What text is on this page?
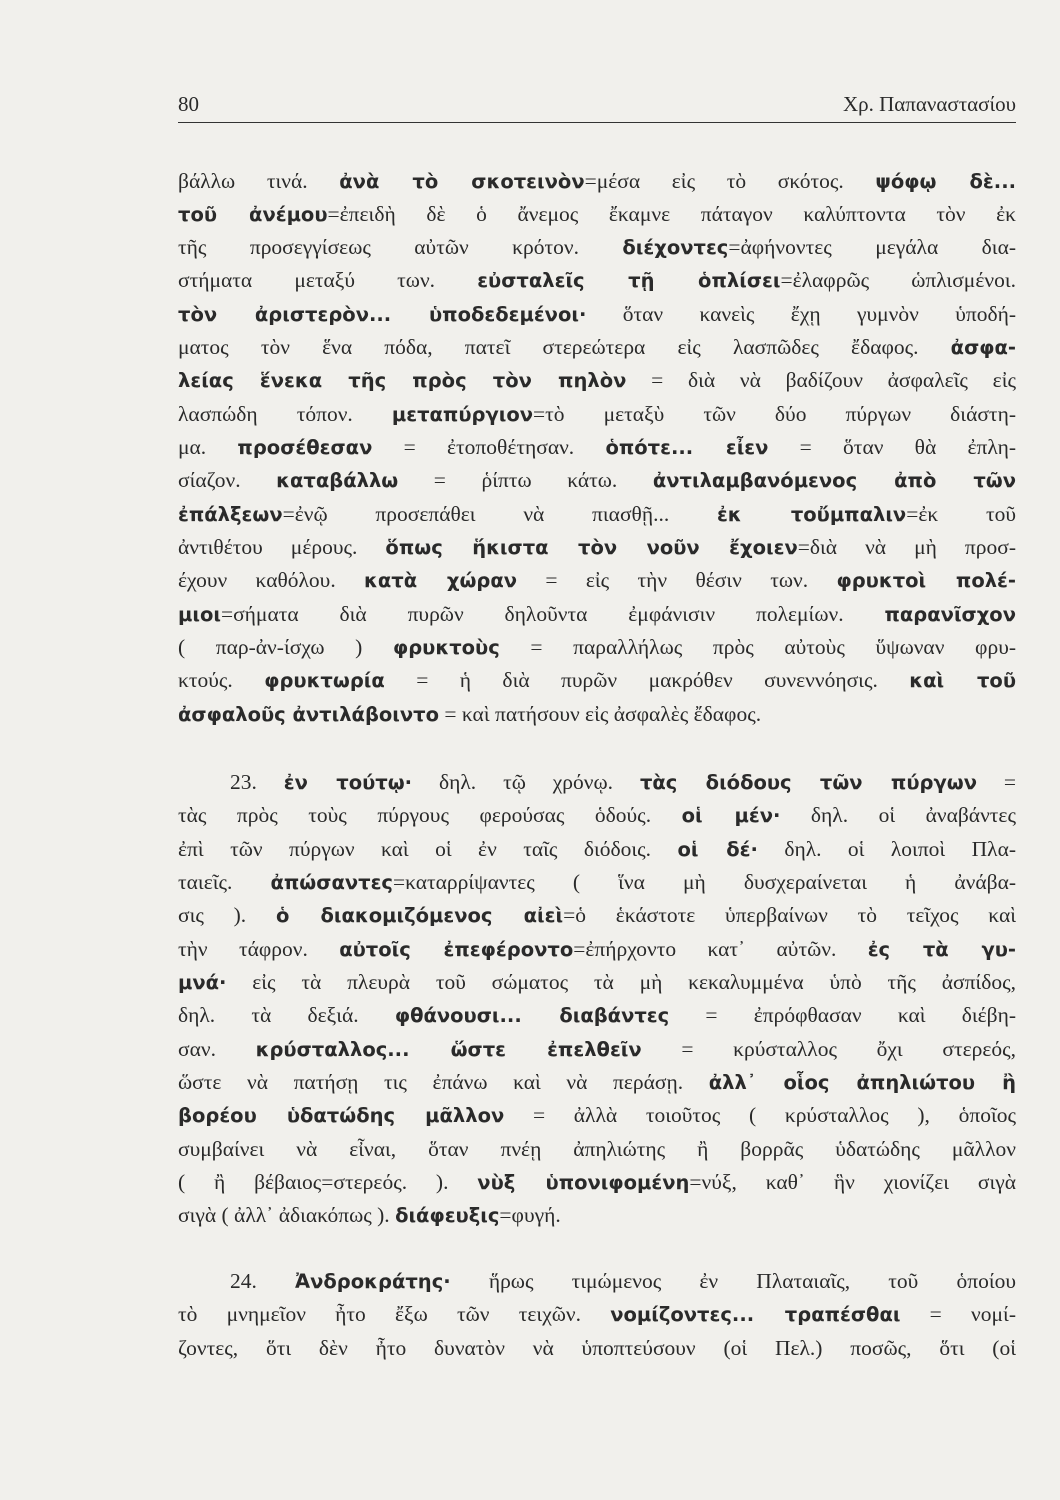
80	Χρ. Παπαναστασίου
βάλλω τινά. ἀνὰ τὸ σκοτεινὸν=μέσα εἰς τὸ σκότος. ψόφῳ δὲ...
τοῦ ἀνέμου=ἐπειδὴ δὲ ὁ ἄνεμος ἔκαμνε πάταγον καλύπτοντα τὸν ἐκ
τῆς προσεγγίσεως αὐτῶν κρότον. διέχοντες=ἀφήνοντες μεγάλα δια-
στήματα μεταξύ των. εὐσταλεῖς τῇ ὁπλίσει=ἐλαφρῶς ὡπλισμένοι.
τὸν ἀριστερὸν... ὑποδεδεμένοι· ὅταν κανεὶς ἔχῃ γυμνὸν ὑποδή-
ματος τὸν ἕνα πόδα, πατεῖ στερεώτερα εἰς λασπῶδες ἔδαφος. ἀσφα-
λείας ἕνεκα τῆς πρὸς τὸν πηλὸν = διὰ νὰ βαδίζουν ἀσφαλεῖς εἰς
λασπώδη τόπον. μεταπύργιον=τὸ μεταξὺ τῶν δύο πύργων διάστη-
μα. προσέθεσαν = ἐτοποθέτησαν. ὁπότε... εἶεν = ὅταν θὰ ἐπλη-
σίαζον. καταβάλλω = ῥίπτω κάτω. ἀντιλαμβανόμενος ἀπὸ τῶν
ἐπάλξεων=ἐνῷ προσεπάθει νὰ πιασθῇ... ἐκ τοὔμπαλιν=ἐκ τοῦ
ἀντιθέτου μέρους. ὅπως ἥκιστα τὸν νοῦν ἔχοιεν=διὰ νὰ μὴ προσ-
έχουν καθόλου. κατὰ χώραν = εἰς τὴν θέσιν των. φρυκτοὶ πολέ-
μιοι=σήματα διὰ πυρῶν δηλοῦντα ἐμφάνισιν πολεμίων. παρανῖσχον
( παρ-ἀν-ίσχω ) φρυκτοὺς = παραλλήλως πρὸς αὐτοὺς ὕψωναν φρυ-
κτούς. φρυκτωρία = ἡ διὰ πυρῶν μακρόθεν συνεννόησις. καὶ τοῦ
ἀσφαλοῦς ἀντιλάβοιντο = καὶ πατήσουν εἰς ἀσφαλὲς ἔδαφος.
23. ἐν τούτῳ· δηλ. τῷ χρόνῳ. τὰς διόδους τῶν πύργων =
τὰς πρὸς τοὺς πύργους φερούσας ὁδούς. οἱ μέν· δηλ. οἱ ἀναβάντες
ἐπὶ τῶν πύργων καὶ οἱ ἐν ταῖς διόδοις. οἱ δέ· δηλ. οἱ λοιποὶ Πλα-
ταιεῖς. ἀπώσαντες=καταρρίψαντες ( ἵνα μὴ δυσχεραίνεται ἡ ἀνάβα-
σις ). ὁ διακομιζόμενος αἰεὶ=ὁ ἑκάστοτε ὑπερβαίνων τὸ τεῖχος καὶ
τὴν τάφρον. αὐτοῖς ἐπεφέροντο=ἐπήρχοντο κατ᾽ αὐτῶν. ἐς τὰ γυ-
μνά· εἰς τὰ πλευρὰ τοῦ σώματος τὰ μὴ κεκαλυμμένα ὑπὸ τῆς ἀσπίδος,
δηλ. τὰ δεξιά. φθάνουσι... διαβάντες = ἐπρόφθασαν καὶ διέβη-
σαν. κρύσταλλος... ὥστε ἐπελθεῖν = κρύσταλλος ὄχι στερεός,
ὥστε νὰ πατήσῃ τις ἐπάνω καὶ νὰ περάσῃ. ἀλλ᾽ οἷος ἀπηλιώτου ἢ
βορέου ὑδατώδης μᾶλλον = ἀλλὰ τοιοῦτος ( κρύσταλλος ), ὁποῖος
συμβαίνει νὰ εἶναι, ὅταν πνέῃ ἀπηλιώτης ἢ βορρᾶς ὑδατώδης μᾶλλον
( ἢ βέβαιος=στερεός. ). νὺξ ὑπονιφομένη=νύξ, καθ᾽ ἣν χιονίζει σιγὰ
σιγὰ ( ἀλλ᾽ ἀδιακόπως ). διάφευξις=φυγή.
24. Ἀνδροκράτης· ἥρως τιμώμενος ἐν Πλαταιαῖς, τοῦ ὁποίου
τὸ μνημεῖον ἦτο ἔξω τῶν τειχῶν. νομίζοντες... τραπέσθαι = νομί-
ζοντες, ὅτι δὲν ἦτο δυνατὸν νὰ ὑποπτεύσουν (οἱ Πελ.) ποσῶς, ὅτι (οἱ
